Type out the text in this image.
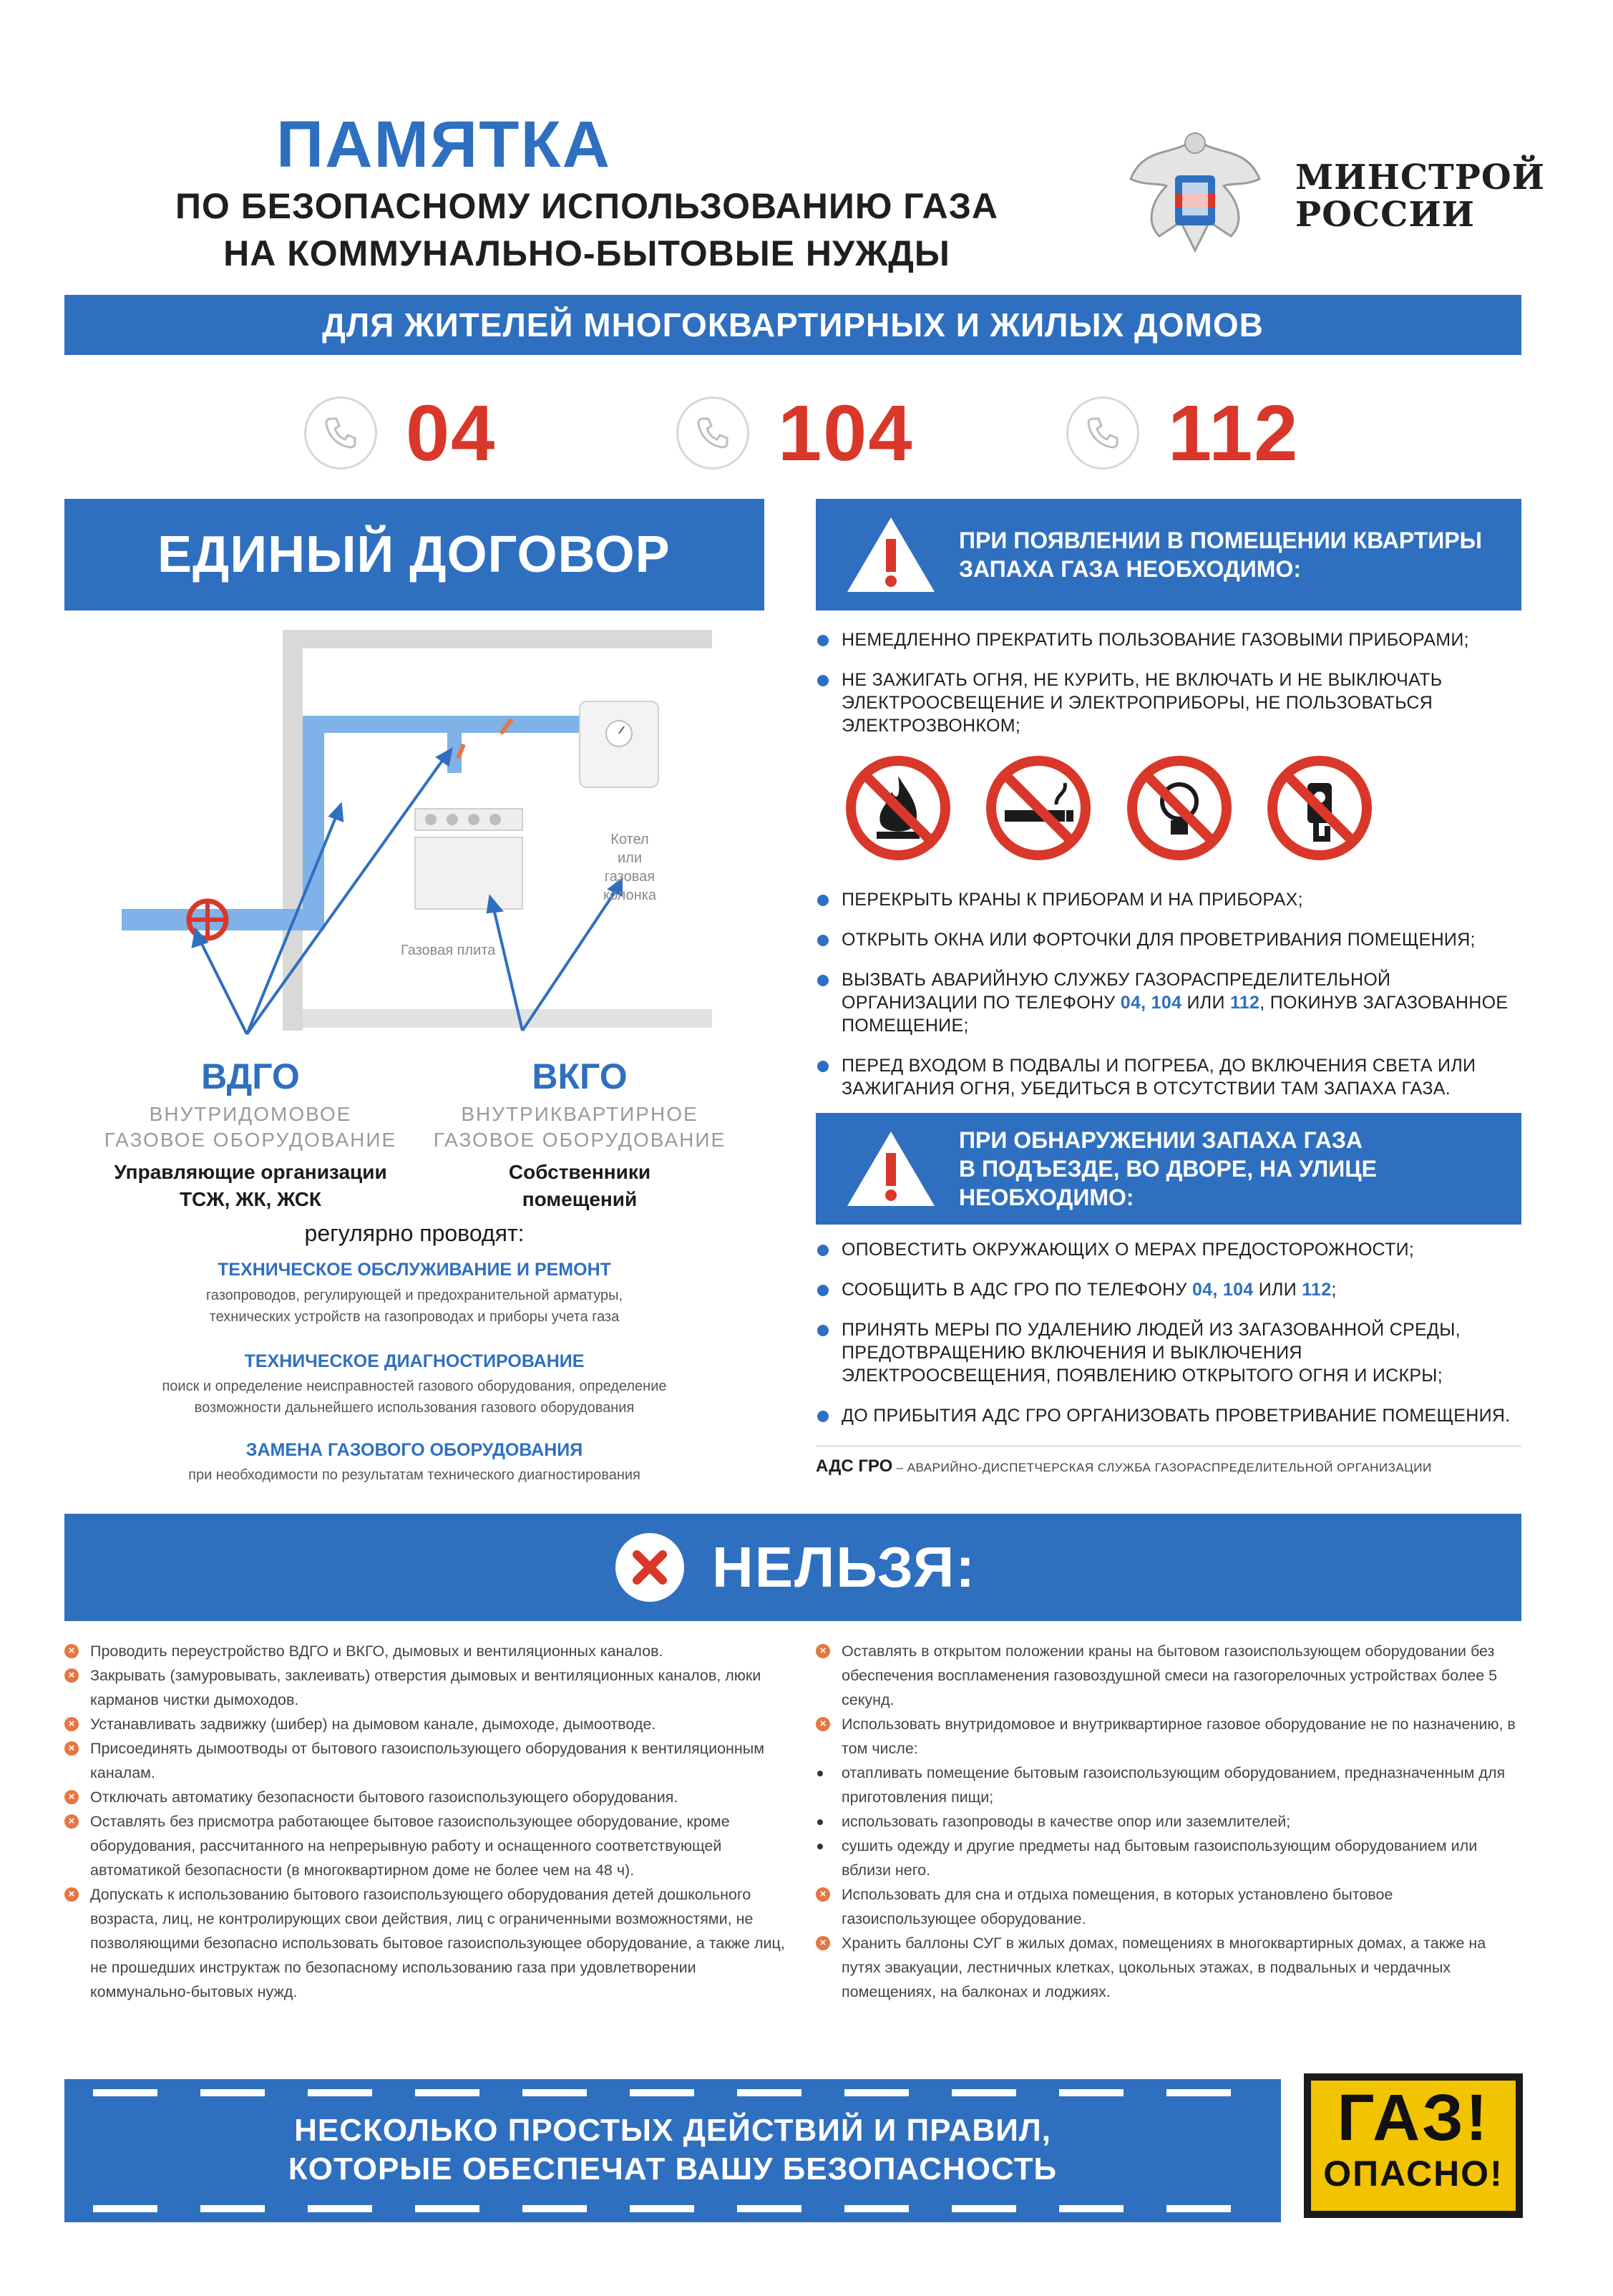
ПАМЯТКА
ПО БЕЗОПАСНОМУ ИСПОЛЬЗОВАНИЮ ГАЗА
НА КОММУНАЛЬНО-БЫТОВЫЕ НУЖДЫ
МИНСТРОЙ
РОССИИ
ДЛЯ ЖИТЕЛЕЙ МНОГОКВАРТИРНЫХ И ЖИЛЫХ ДОМОВ
04	104	112
ЕДИНЫЙ ДОГОВОР
Котел
или
газовая
колонка
Газовая плита
ВДГО
ВНУТРИДОМОВОЕ
ГАЗОВОЕ ОБОРУДОВАНИЕ
Управляющие организации
ТСЖ, ЖК, ЖСК
ВКГО
ВНУТРИКВАРТИРНОЕ
ГАЗОВОЕ ОБОРУДОВАНИЕ
Собственники
помещений
регулярно проводят:
ТЕХНИЧЕСКОЕ ОБСЛУЖИВАНИЕ И РЕМОНТ
газопроводов, регулирующей и предохранительной арматуры,
технических устройств на газопроводах и приборы учета газа
ТЕХНИЧЕСКОЕ ДИАГНОСТИРОВАНИЕ
поиск и определение неисправностей газового оборудования, определение
возможности дальнейшего использования газового оборудования
ЗАМЕНА ГАЗОВОГО ОБОРУДОВАНИЯ
при необходимости по результатам технического диагностирования
ПРИ ПОЯВЛЕНИИ В ПОМЕЩЕНИИ КВАРТИРЫ
ЗАПАХА ГАЗА НЕОБХОДИМО:
НЕМЕДЛЕННО ПРЕКРАТИТЬ ПОЛЬЗОВАНИЕ ГАЗОВЫМИ ПРИБОРАМИ;
НЕ ЗАЖИГАТЬ ОГНЯ, НЕ КУРИТЬ, НЕ ВКЛЮЧАТЬ И НЕ ВЫКЛЮЧАТЬ ЭЛЕКТРООСВЕЩЕНИЕ И ЭЛЕКТРОПРИБОРЫ, НЕ ПОЛЬЗОВАТЬСЯ ЭЛЕКТРОЗВОНКОМ;

ПЕРЕКРЫТЬ КРАНЫ К ПРИБОРАМ И НА ПРИБОРАХ;
ОТКРЫТЬ ОКНА ИЛИ ФОРТОЧКИ ДЛЯ ПРОВЕТРИВАНИЯ ПОМЕЩЕНИЯ;
ВЫЗВАТЬ АВАРИЙНУЮ СЛУЖБУ ГАЗОРАСПРЕДЕЛИТЕЛЬНОЙ ОРГАНИЗАЦИИ ПО ТЕЛЕФОНУ 04, 104 ИЛИ 112, ПОКИНУВ ЗАГАЗОВАННОЕ ПОМЕЩЕНИЕ;
ПЕРЕД ВХОДОМ В ПОДВАЛЫ И ПОГРЕБА, ДО ВКЛЮЧЕНИЯ СВЕТА ИЛИ ЗАЖИГАНИЯ ОГНЯ, УБЕДИТЬСЯ В ОТСУТСТВИИ ТАМ ЗАПАХА ГАЗА.
ПРИ ОБНАРУЖЕНИИ ЗАПАХА ГАЗА
В ПОДЪЕЗДЕ, ВО ДВОРЕ, НА УЛИЦЕ
НЕОБХОДИМО:
ОПОВЕСТИТЬ ОКРУЖАЮЩИХ О МЕРАХ ПРЕДОСТОРОЖНОСТИ;
СООБЩИТЬ В АДС ГРО ПО ТЕЛЕФОНУ 04, 104 ИЛИ 112;
ПРИНЯТЬ МЕРЫ ПО УДАЛЕНИЮ ЛЮДЕЙ ИЗ ЗАГАЗОВАННОЙ СРЕДЫ, ПРЕДОТВРАЩЕНИЮ ВКЛЮЧЕНИЯ И ВЫКЛЮЧЕНИЯ ЭЛЕКТРООСВЕЩЕНИЯ, ПОЯВЛЕНИЮ ОТКРЫТОГО ОГНЯ И ИСКРЫ;
ДО ПРИБЫТИЯ АДС ГРО ОРГАНИЗОВАТЬ ПРОВЕТРИВАНИЕ ПОМЕЩЕНИЯ.
АДС ГРО – АВАРИЙНО-ДИСПЕТЧЕРСКАЯ СЛУЖБА ГАЗОРАСПРЕДЕЛИТЕЛЬНОЙ ОРГАНИЗАЦИИ
НЕЛЬЗЯ:
× Проводить переустройство ВДГО и ВКГО, дымовых и вентиляционных каналов.
× Закрывать (замуровывать, заклеивать) отверстия дымовых и вентиляционных каналов, люки карманов чистки дымоходов.
× Устанавливать задвижку (шибер) на дымовом канале, дымоходе, дымоотводе.
× Присоединять дымоотводы от бытового газоиспользующего оборудования к вентиляционным каналам.
× Отключать автоматику безопасности бытового газоиспользующего оборудования.
× Оставлять без присмотра работающее бытовое газоиспользующее оборудование, кроме оборудования, рассчитанного на непрерывную работу и оснащенного соответствующей автоматикой безопасности (в многоквартирном доме не более чем на 48 ч).
× Допускать к использованию бытового газоиспользующего оборудования детей дошкольного возраста, лиц, не контролирующих свои действия, лиц с ограниченными возможностями, не позволяющими безопасно использовать бытовое газоиспользующее оборудование, а также лиц, не прошедших инструктаж по безопасному использованию газа при удовлетворении коммунально-бытовых нужд.
× Оставлять в открытом положении краны на бытовом газоиспользующем оборудовании без обеспечения воспламенения газовоздушной смеси на газогорелочных устройствах более 5 секунд.
× Использовать внутридомовое и внутриквартирное газовое оборудование не по назначению, в том числе:
отапливать помещение бытовым газоиспользующим оборудованием, предназначенным для приготовления пищи;
использовать газопроводы в качестве опор или заземлителей;
сушить одежду и другие предметы над бытовым газоиспользующим оборудованием или вблизи него.
× Использовать для сна и отдыха помещения, в которых установлено бытовое газоиспользующее оборудование.
× Хранить баллоны СУГ в жилых домах, помещениях в многоквартирных домах, а также на путях эвакуации, лестничных клетках, цокольных этажах, в подвальных и чердачных помещениях, на балконах и лоджиях.
НЕСКОЛЬКО ПРОСТЫХ ДЕЙСТВИЙ И ПРАВИЛ,
КОТОРЫЕ ОБЕСПЕЧАТ ВАШУ БЕЗОПАСНОСТЬ
ГАЗ!
ОПАСНО!
